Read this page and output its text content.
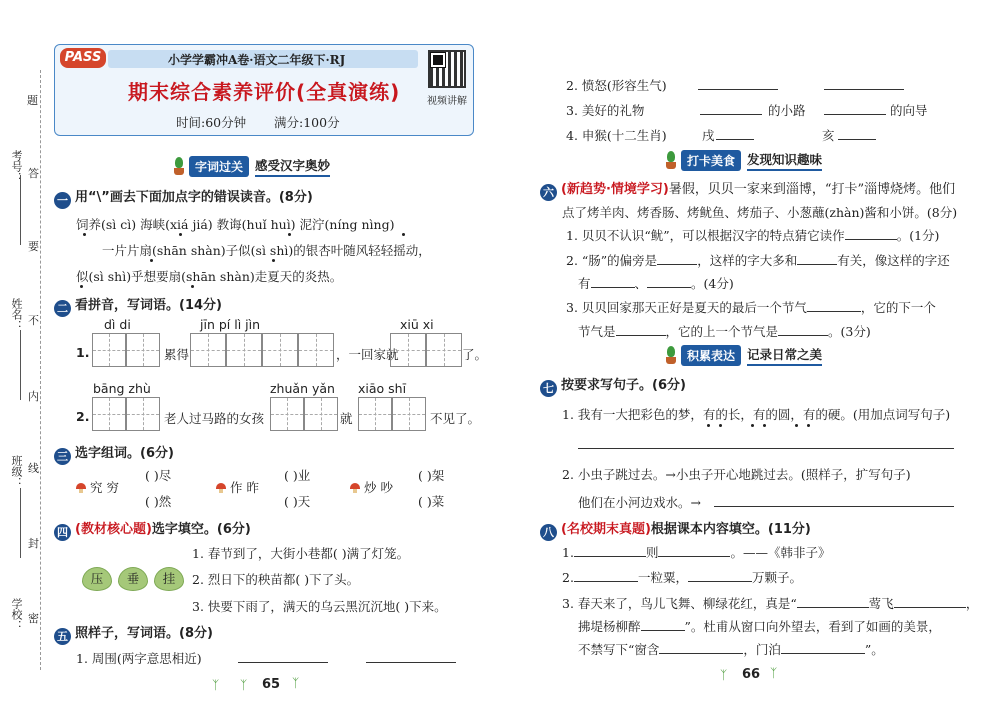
题
考号： 答
要
姓名： 不
内
班级： 线
封
学校： 密
PASS	小学学霸冲A卷·语文二年级下·RJ
期末综合素养评价(全真演练)
时间:60分钟 满分:100分
视频讲解
字词过关 感受汉字奥妙
一 用“\”画去下面加点字的错误读音。(8分)
饲养(sì cì) 海峡(xiá jiá) 教诲(huǐ huì) 泥泞(níng nìng)
一片片扇(shān shàn)子似(sì shì)的银杏叶随风轻轻摇动，
似(sì shì)乎想要扇(shān shàn)走夏天的炎热。
二 看拼音，写词语。(14分)
dì di	jīn pí lì jìn	xiū xi
1.	累得	，一回家就	了。
bāng zhù	zhuǎn yǎn xiāo shī
2.	老人过马路的女孩	就	不见了。
三 选字组词。(6分)
究 穷
( )尽
( )然
作 昨
( )业
( )天
炒 吵
( )架
( )菜
四 (教材核心题)选字填空。(6分)
压	垂	挂
1. 春节到了，大街小巷都( )满了灯笼。
2. 烈日下的秧苗都( )下了头。
3. 快要下雨了，满天的乌云黑沉沉地( )下来。
五 照样子，写词语。(8分)
1. 周围(两字意思相近)
ᛉ ᛉ 65 ᛉ
2. 愤怒(形容生气)
3. 美好的礼物	的小路	的向导
4. 申猴(十二生肖)	戌	亥
打卡美食 发现知识趣味
六 (新趋势·情境学习)暑假，贝贝一家来到淄博，“打卡”淄博烧烤。他们
点了烤羊肉、烤香肠、烤鱿鱼、烤茄子、小葱蘸(zhàn)酱和小饼。(8分)
1. 贝贝不认识“鱿”，可以根据汉字的特点猜它读作	。(1分)
2. “肠”的偏旁是	，这样的字大多和	有关，像这样的字还
有	、	。(4分)
3. 贝贝回家那天正好是夏天的最后一个节气	，它的下一个
节气是	，它的上一个节气是	。(3分)
积累表达 记录日常之美
七 按要求写句子。(6分)
1. 我有一大把彩色的梦，有的长，有的圆，有的硬。(用加点词写句子)
2. 小虫子跳过去。→小虫子开心地跳过去。(照样子，扩写句子)
他们在小河边戏水。→
八 (名校期末真题)根据课本内容填空。(11分)
1.	则	。——《韩非子》
2.	一粒粟，	万颗子。
3. 春天来了，鸟儿飞舞、柳绿花红，真是“	莺飞	，
拂堤杨柳醉	”。杜甫从窗口向外望去，看到了如画的美景，
不禁写下“窗含	，门泊	”。
ᛉ 66 ᛉ
